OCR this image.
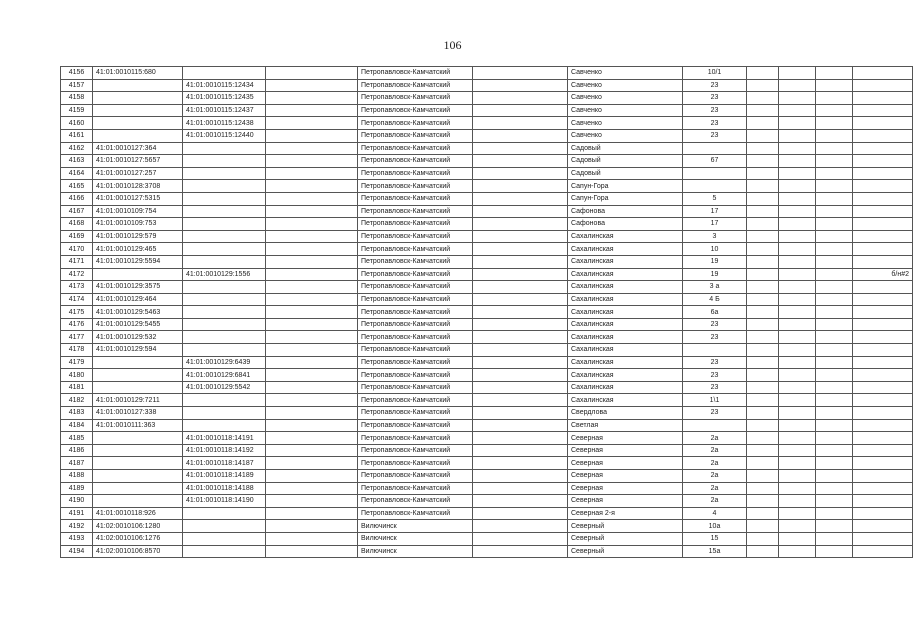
106
4156	41:01:0010115:680			Петропавловск-Камчатский		Савченко	10/1				
4157		41:01:0010115:12434		Петропавловск-Камчатский		Савченко	23				
4158		41:01:0010115:12435		Петропавловск-Камчатский		Савченко	23				
4159		41:01:0010115:12437		Петропавловск-Камчатский		Савченко	23				
4160		41:01:0010115:12438		Петропавловск-Камчатский		Савченко	23				
4161		41:01:0010115:12440		Петропавловск-Камчатский		Савченко	23				
4162	41:01:0010127:364			Петропавловск-Камчатский		Садовый					
4163	41:01:0010127:5657			Петропавловск-Камчатский		Садовый	67				
4164	41:01:0010127:257			Петропавловск-Камчатский		Садовый					
4165	41:01:0010128:3708			Петропавловск-Камчатский		Сапун-Гора					
4166	41:01:0010127:5315			Петропавловск-Камчатский		Сапун-Гора	5				
4167	41:01:0010109:754			Петропавловск-Камчатский		Сафонова	17				
4168	41:01:0010109:753			Петропавловск-Камчатский		Сафонова	17				
4169	41:01:0010129:579			Петропавловск-Камчатский		Сахалинская	3				
4170	41:01:0010129:465			Петропавловск-Камчатский		Сахалинская	10				
4171	41:01:0010129:5594			Петропавловск-Камчатский		Сахалинская	19				
4172		41:01:0010129:1556		Петропавловск-Камчатский		Сахалинская	19				б/н#2
4173	41:01:0010129:3575			Петропавловск-Камчатский		Сахалинская	3 а				
4174	41:01:0010129:464			Петропавловск-Камчатский		Сахалинская	4 Б				
4175	41:01:0010129:5463			Петропавловск-Камчатский		Сахалинская	6а				
4176	41:01:0010129:5455			Петропавловск-Камчатский		Сахалинская	23				
4177	41:01:0010129:532			Петропавловск-Камчатский		Сахалинская	23				
4178	41:01:0010129:594			Петропавловск-Камчатский		Сахалинская					
4179		41:01:0010129:6439		Петропавловск-Камчатский		Сахалинская	23				
4180		41:01:0010129:6841		Петропавловск-Камчатский		Сахалинская	23				
4181		41:01:0010129:5542		Петропавловск-Камчатский		Сахалинская	23				
4182	41:01:0010129:7211			Петропавловск-Камчатский		Сахалинская	1\1				
4183	41:01:0010127:338			Петропавловск-Камчатский		Свердлова	23				
4184	41:01:0010111:363			Петропавловск-Камчатский		Светлая					
4185		41:01:0010118:14191		Петропавловск-Камчатский		Северная	2а				
4186		41:01:0010118:14192		Петропавловск-Камчатский		Северная	2а				
4187		41:01:0010118:14187		Петропавловск-Камчатский		Северная	2а				
4188		41:01:0010118:14189		Петропавловск-Камчатский		Северная	2а				
4189		41:01:0010118:14188		Петропавловск-Камчатский		Северная	2а				
4190		41:01:0010118:14190		Петропавловск-Камчатский		Северная	2а				
4191	41:01:0010118:926			Петропавловск-Камчатский		Северная 2-я	4				
4192	41:02:0010106:1280			Вилючинск		Северный	10а				
4193	41:02:0010106:1276			Вилючинск		Северный	15				
4194	41:02:0010106:8570			Вилючинск		Северный	15а				
